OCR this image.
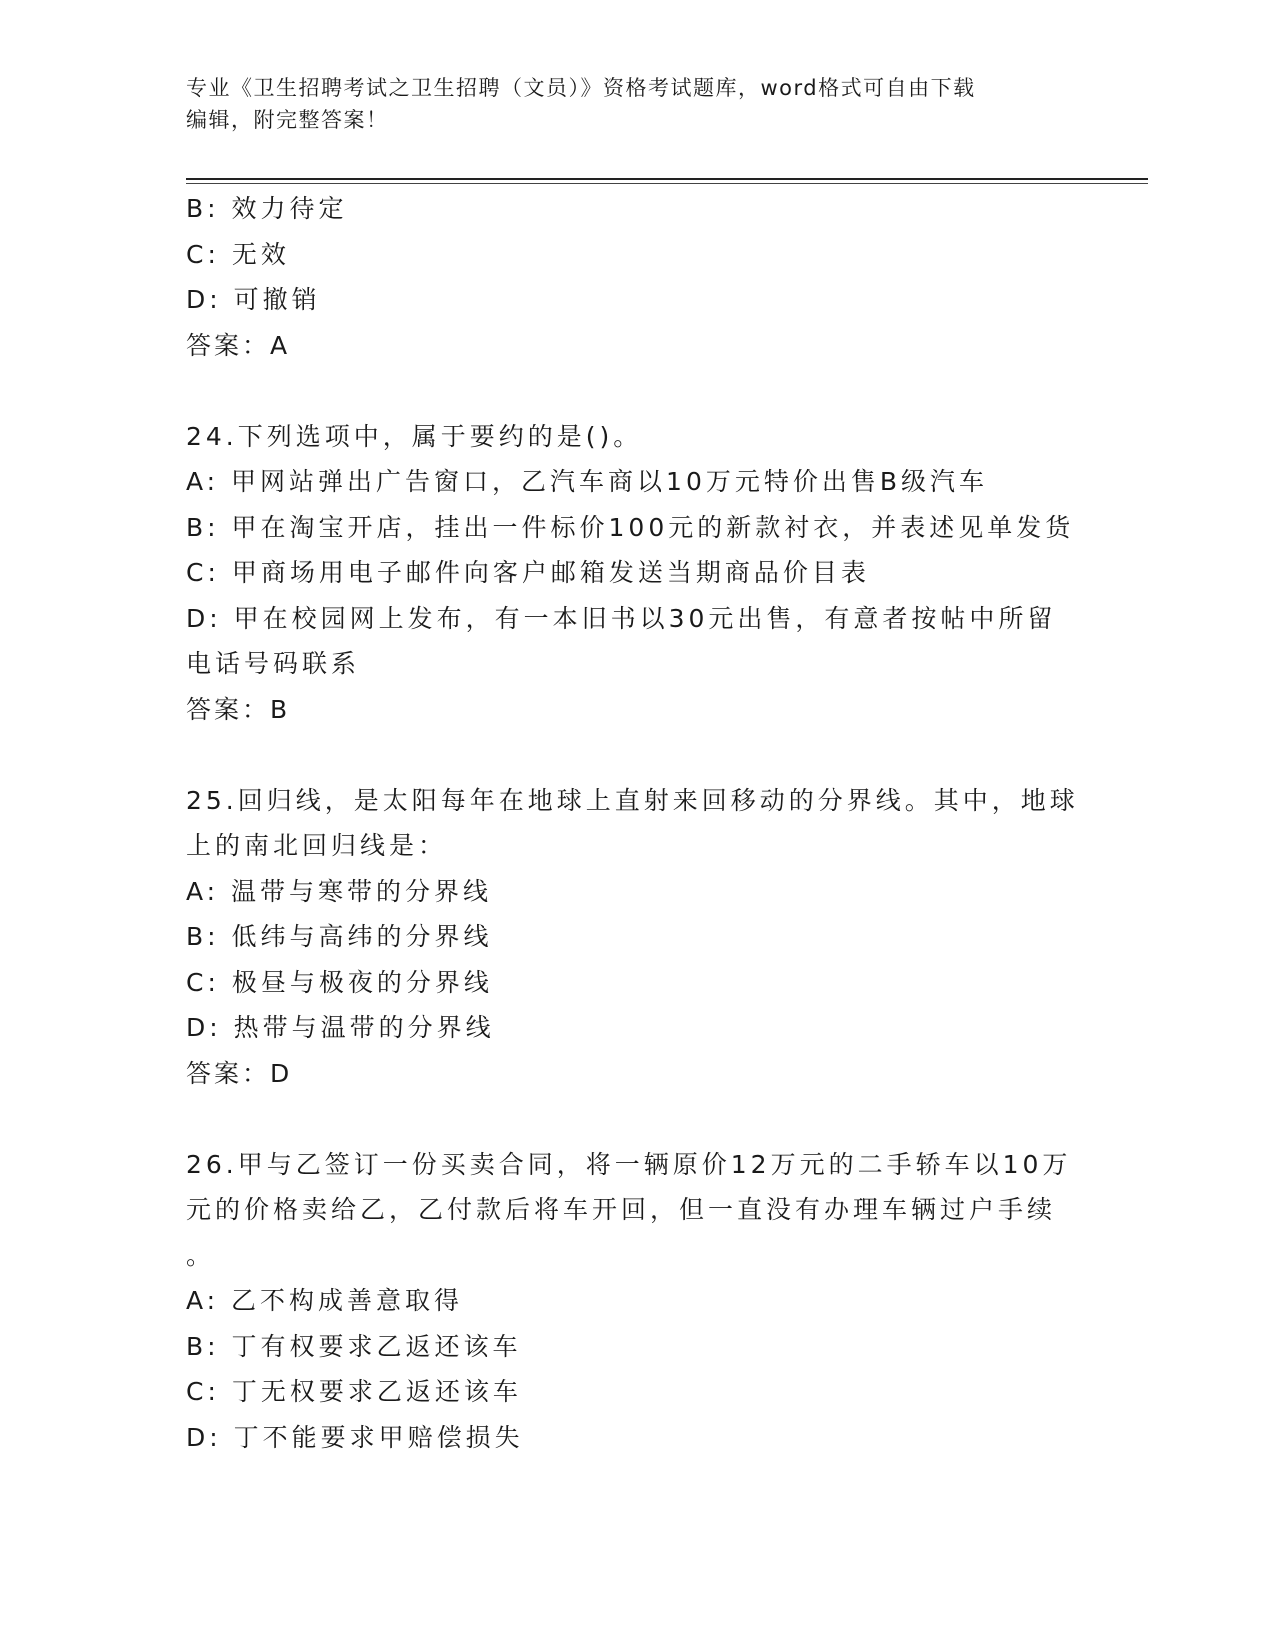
专业《卫生招聘考试之卫生招聘（文员）》资格考试题库，word格式可自由下载
编辑，附完整答案！
B: 效力待定
C: 无效
D: 可撤销
答案：A
24.下列选项中，属于要约的是()。
A: 甲网站弹出广告窗口，乙汽车商以10万元特价出售B级汽车
B: 甲在淘宝开店，挂出一件标价100元的新款衬衣，并表述见单发货
C: 甲商场用电子邮件向客户邮箱发送当期商品价目表
D: 甲在校园网上发布，有一本旧书以30元出售，有意者按帖中所留
电话号码联系
答案：B
25.回归线，是太阳每年在地球上直射来回移动的分界线。其中，地球
上的南北回归线是：
A: 温带与寒带的分界线
B: 低纬与高纬的分界线
C: 极昼与极夜的分界线
D: 热带与温带的分界线
答案：D
26.甲与乙签订一份买卖合同，将一辆原价12万元的二手轿车以10万
元的价格卖给乙，乙付款后将车开回，但一直没有办理车辆过户手续
。
A: 乙不构成善意取得
B: 丁有权要求乙返还该车
C: 丁无权要求乙返还该车
D: 丁不能要求甲赔偿损失
